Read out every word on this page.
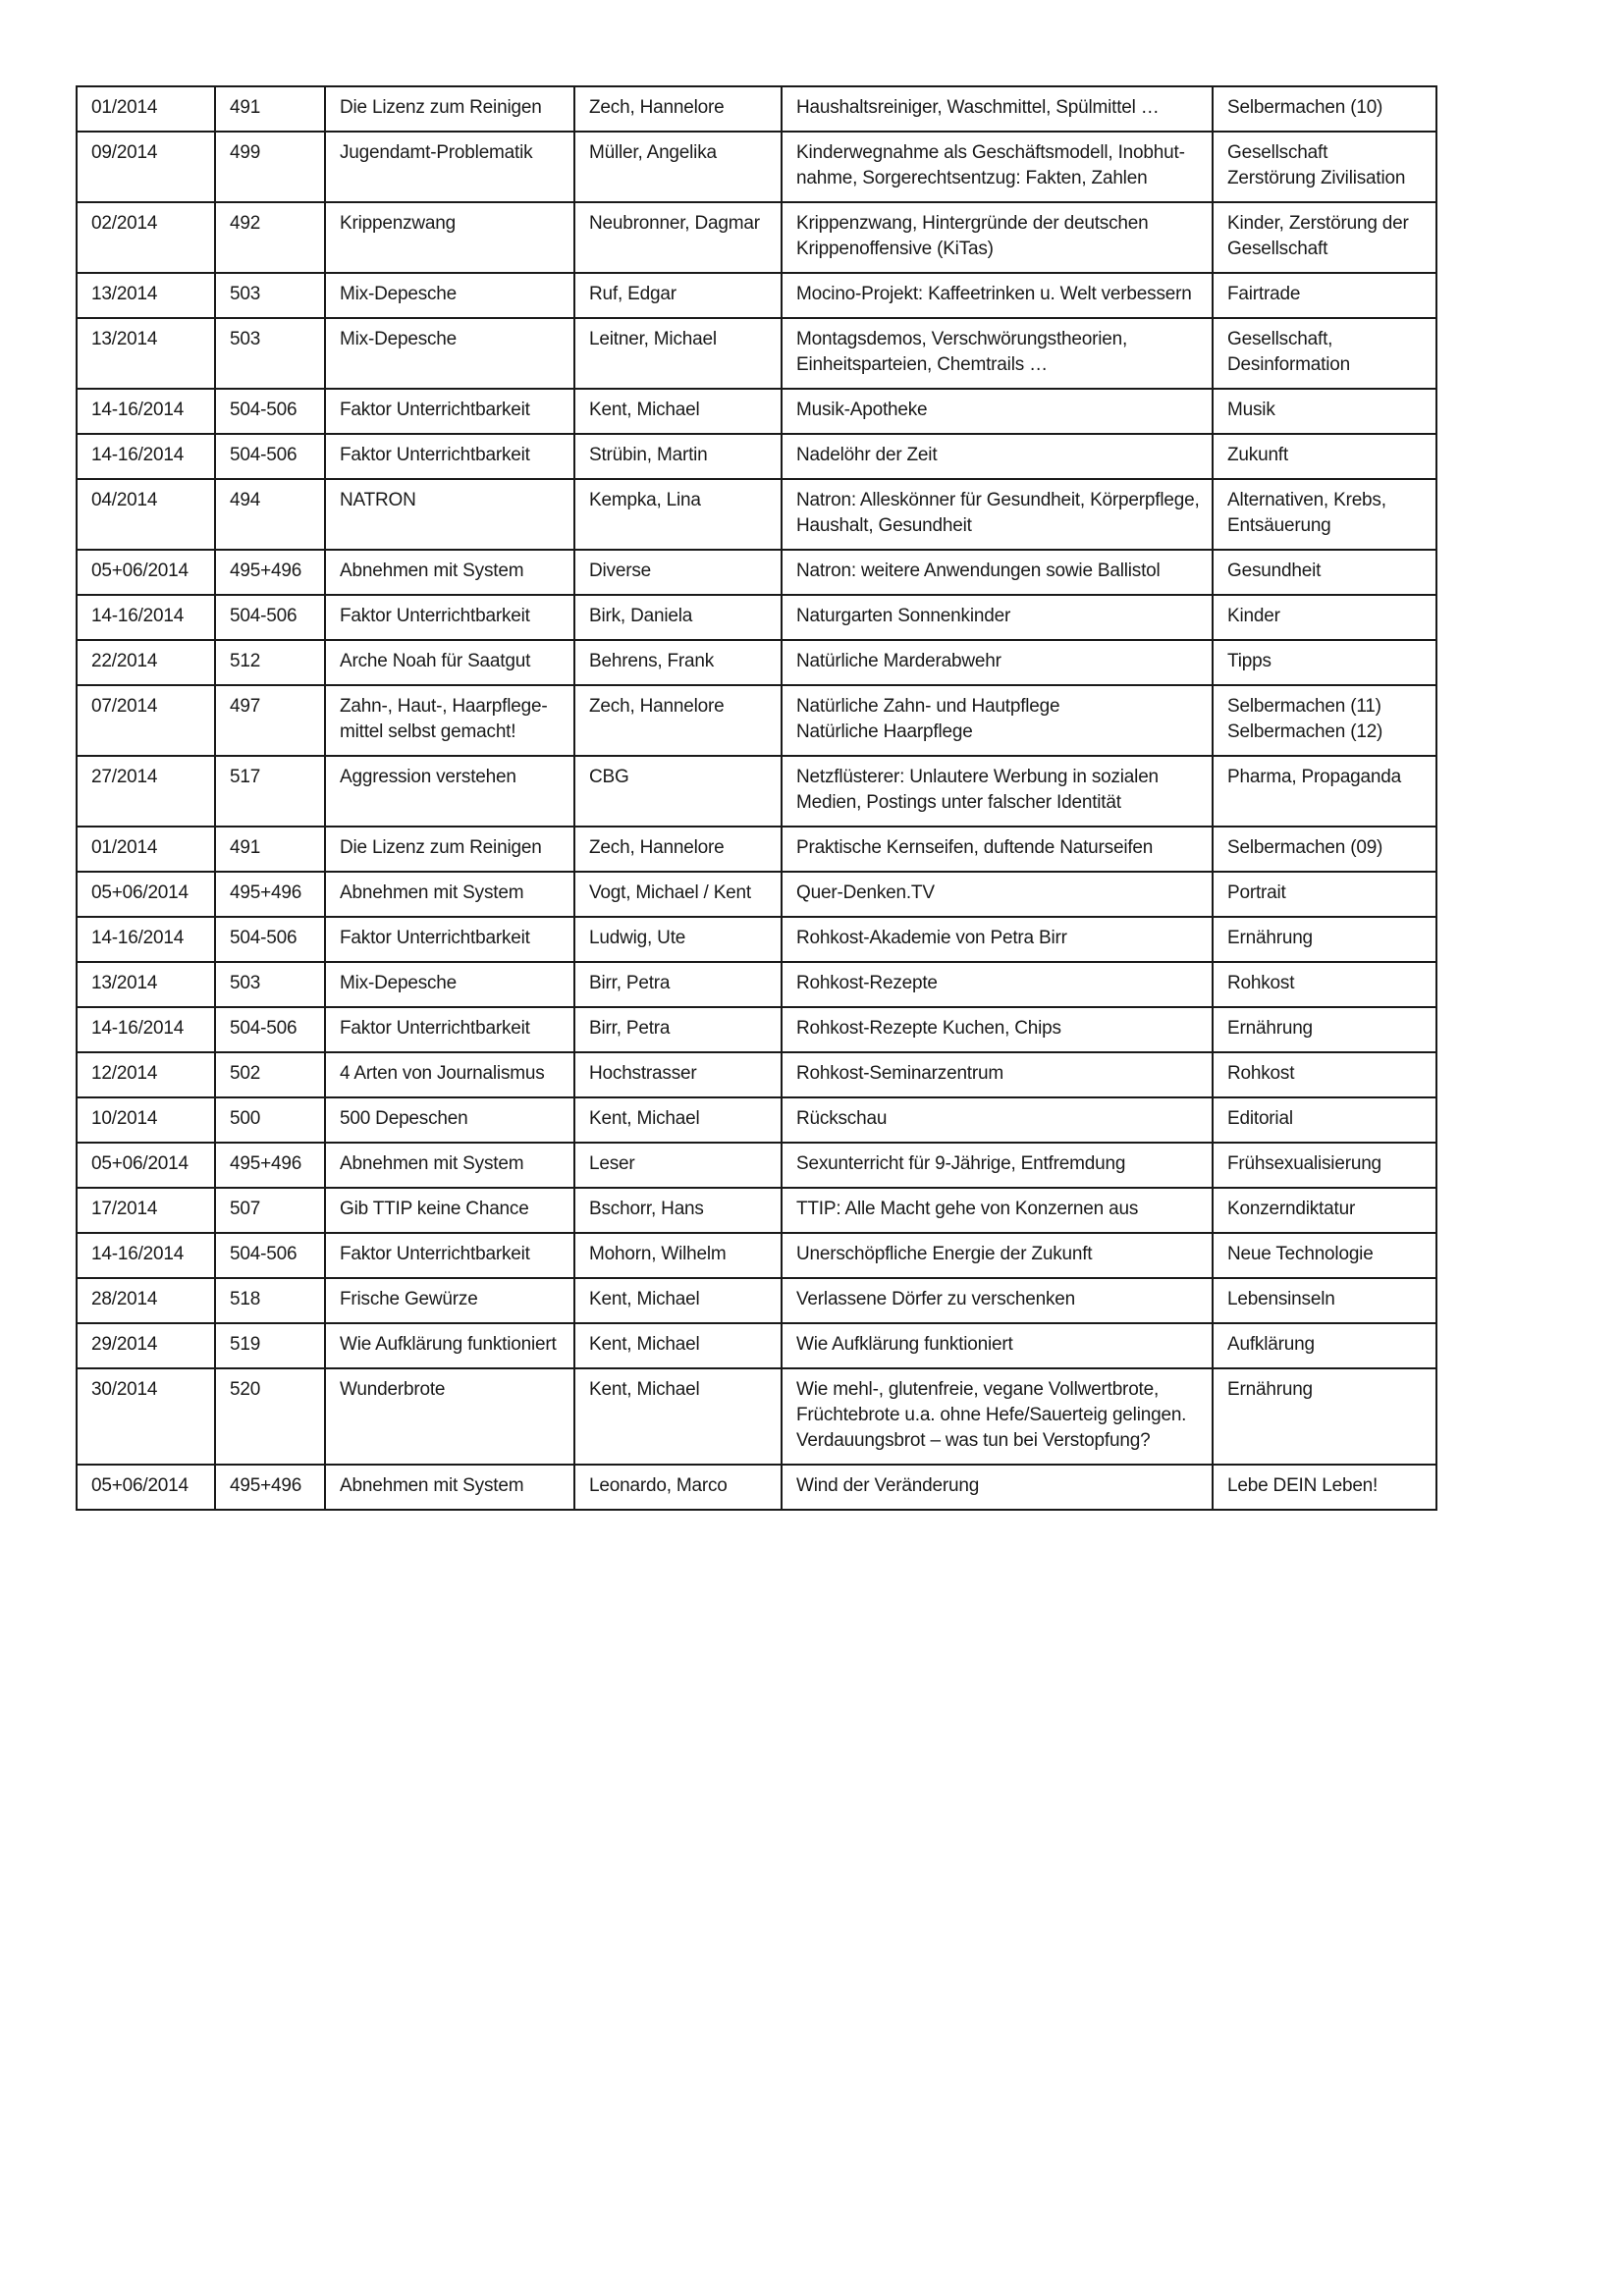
01/2014	491	Die Lizenz zum Reinigen	Zech, Hannelore	Haushaltsreiniger, Waschmittel, Spülmittel …	Selbermachen (10)
09/2014	499	Jugendamt-Problematik	Müller, Angelika	Kinderwegnahme als Geschäftsmodell, Inobhut-
nahme, Sorgerechtsentzug: Fakten, Zahlen	Gesellschaft
Zerstörung Zivilisation
02/2014	492	Krippenzwang	Neubronner, Dagmar	Krippenzwang, Hintergründe der deutschen
Krippenoffensive (KiTas)	Kinder, Zerstörung der
Gesellschaft
13/2014	503	Mix-Depesche	Ruf, Edgar	Mocino-Projekt: Kaffeetrinken u. Welt verbessern	Fairtrade
13/2014	503	Mix-Depesche	Leitner, Michael	Montagsdemos, Verschwörungstheorien,
Einheitsparteien, Chemtrails …	Gesellschaft,
Desinformation
14-16/2014	504-506	Faktor Unterrichtbarkeit	Kent, Michael	Musik-Apotheke	Musik
14-16/2014	504-506	Faktor Unterrichtbarkeit	Strübin, Martin	Nadelöhr der Zeit	Zukunft
04/2014	494	NATRON	Kempka, Lina	Natron: Alleskönner für Gesundheit, Körperpflege,
Haushalt, Gesundheit	Alternativen, Krebs,
Entsäuerung
05+06/2014	495+496	Abnehmen mit System	Diverse	Natron: weitere Anwendungen sowie Ballistol	Gesundheit
14-16/2014	504-506	Faktor Unterrichtbarkeit	Birk, Daniela	Naturgarten Sonnenkinder	Kinder
22/2014	512	Arche Noah für Saatgut	Behrens, Frank	Natürliche Marderabwehr	Tipps
07/2014	497	Zahn-, Haut-, Haarpflege-
mittel selbst gemacht!	Zech, Hannelore	Natürliche Zahn- und Hautpflege
Natürliche Haarpflege	Selbermachen (11)
Selbermachen (12)
27/2014	517	Aggression verstehen	CBG	Netzflüsterer: Unlautere Werbung in sozialen
Medien, Postings unter falscher Identität	Pharma, Propaganda
01/2014	491	Die Lizenz zum Reinigen	Zech, Hannelore	Praktische Kernseifen, duftende Naturseifen	Selbermachen (09)
05+06/2014	495+496	Abnehmen mit System	Vogt, Michael / Kent	Quer-Denken.TV	Portrait
14-16/2014	504-506	Faktor Unterrichtbarkeit	Ludwig, Ute	Rohkost-Akademie von Petra Birr	Ernährung
13/2014	503	Mix-Depesche	Birr, Petra	Rohkost-Rezepte	Rohkost
14-16/2014	504-506	Faktor Unterrichtbarkeit	Birr, Petra	Rohkost-Rezepte Kuchen, Chips	Ernährung
12/2014	502	4 Arten von Journalismus	Hochstrasser	Rohkost-Seminarzentrum	Rohkost
10/2014	500	500 Depeschen	Kent, Michael	Rückschau	Editorial
05+06/2014	495+496	Abnehmen mit System	Leser	Sexunterricht für 9-Jährige, Entfremdung	Frühsexualisierung
17/2014	507	Gib TTIP keine Chance	Bschorr, Hans	TTIP: Alle Macht gehe von Konzernen aus	Konzerndiktatur
14-16/2014	504-506	Faktor Unterrichtbarkeit	Mohorn, Wilhelm	Unerschöpfliche Energie der Zukunft	Neue Technologie
28/2014	518	Frische Gewürze	Kent, Michael	Verlassene Dörfer zu verschenken	Lebensinseln
29/2014	519	Wie Aufklärung funktioniert	Kent, Michael	Wie Aufklärung funktioniert	Aufklärung
30/2014	520	Wunderbrote	Kent, Michael	Wie mehl-, glutenfreie, vegane Vollwertbrote,
Früchtebrote u.a. ohne Hefe/Sauerteig gelingen.
Verdauungsbrot – was tun bei Verstopfung?	Ernährung
05+06/2014	495+496	Abnehmen mit System	Leonardo, Marco	Wind der Veränderung	Lebe DEIN Leben!
